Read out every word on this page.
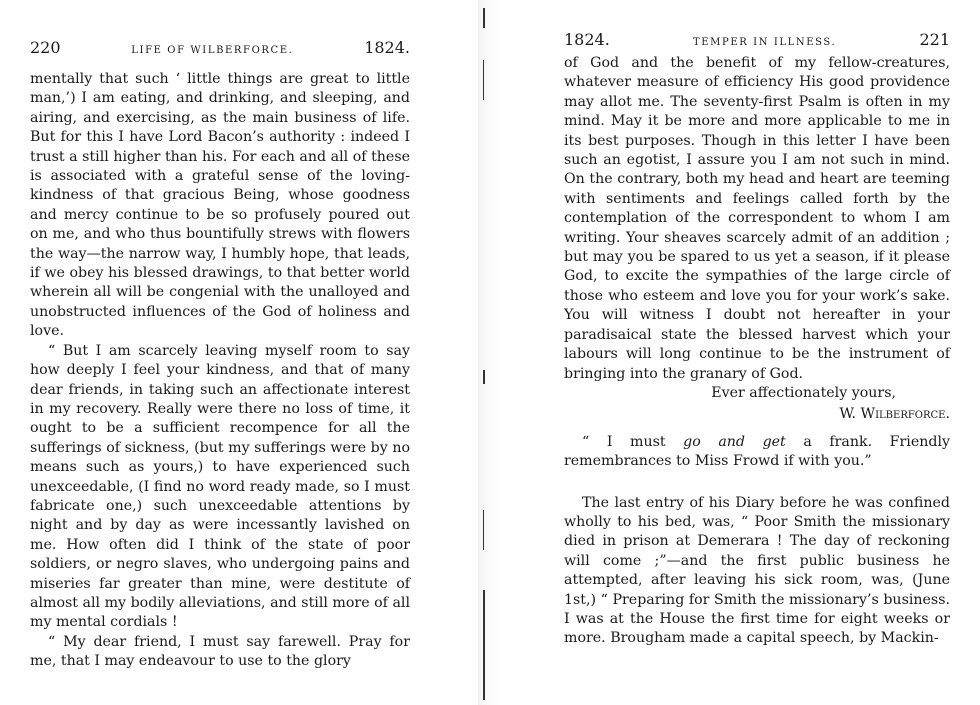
220	LIFE OF WILBERFORCE.	1824.

mentally that such ‘ little things are great to little man,’) I am eating, and drinking, and sleeping, and airing, and exercising, as the main business of life. But for this I have Lord Bacon’s authority : indeed I trust a still higher than his. For each and all of these is associated with a grateful sense of the loving-kindness of that gracious Being, whose goodness and mercy continue to be so profusely poured out on me, and who thus bountifully strews with flowers the way—the narrow way, I humbly hope, that leads, if we obey his blessed drawings, to that better world wherein all will be congenial with the unalloyed and unobstructed influences of the God of holiness and love.

“ But I am scarcely leaving myself room to say how deeply I feel your kindness, and that of many dear friends, in taking such an affectionate interest in my recovery. Really were there no loss of time, it ought to be a sufficient recompence for all the sufferings of sickness, (but my sufferings were by no means such as yours,) to have experienced such unexceedable, (I find no word ready made, so I must fabricate one,) such unexceedable attentions by night and by day as were incessantly lavished on me. How often did I think of the state of poor soldiers, or negro slaves, who undergoing pains and miseries far greater than mine, were destitute of almost all my bodily alleviations, and still more of all my mental cordials !

“ My dear friend, I must say farewell. Pray for me, that I may endeavour to use to the glory

1824.	TEMPER IN ILLNESS.	221

of God and the benefit of my fellow-creatures, whatever measure of efficiency His good providence may allot me. The seventy-first Psalm is often in my mind. May it be more and more applicable to me in its best purposes. Though in this letter I have been such an egotist, I assure you I am not such in mind. On the contrary, both my head and heart are teeming with sentiments and feelings called forth by the contemplation of the correspondent to whom I am writing. Your sheaves scarcely admit of an addition ; but may you be spared to us yet a season, if it please God, to excite the sympathies of the large circle of those who esteem and love you for your work’s sake. You will witness I doubt not hereafter in your paradisaical state the blessed harvest which your labours will long continue to be the instrument of bringing into the granary of God.

Ever affectionately yours,
W. Wilberforce.

“ I must go and get a frank. Friendly remembrances to Miss Frowd if with you.”

The last entry of his Diary before he was confined wholly to his bed, was, “ Poor Smith the missionary died in prison at Demerara ! The day of reckoning will come ;”—and the first public business he attempted, after leaving his sick room, was, (June 1st,) “ Preparing for Smith the missionary’s business. I was at the House the first time for eight weeks or more. Brougham made a capital speech, by Mackin-
